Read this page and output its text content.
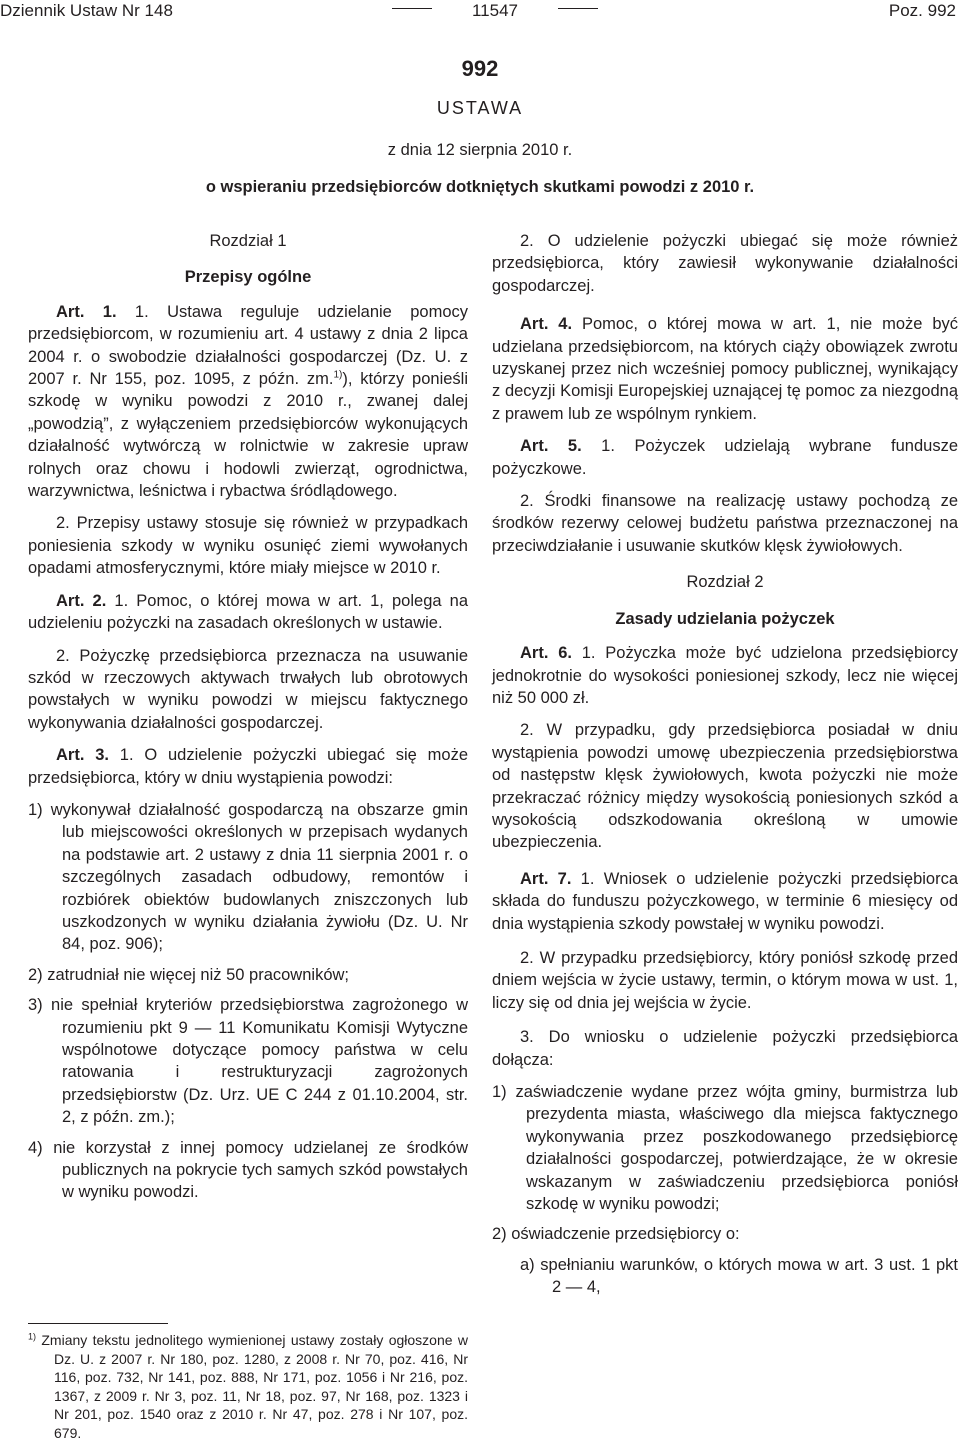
Dziennik Ustaw Nr 148	11547	Poz. 992
992
USTAWA
z dnia 12 sierpnia 2010 r.
o wspieraniu przedsiębiorców dotkniętych skutkami powodzi z 2010 r.

Rozdział 1

Przepisy ogólne

Art. 1. 1. Ustawa reguluje udzielanie pomocy przedsiębiorcom, w rozumieniu art. 4 ustawy z dnia 2 lipca 2004 r. o swobodzie działalności gospodarczej (Dz. U. z 2007 r. Nr 155, poz. 1095, z późn. zm.$^{1)}$), którzy ponieśli szkodę w wyniku powodzi z 2010 r., zwanej dalej „powodzią”, z wyłączeniem przedsiębiorców wykonujących działalność wytwórczą w rolnictwie w zakresie upraw rolnych oraz chowu i hodowli zwierząt, ogrodnictwa, warzywnictwa, leśnictwa i rybactwa śródlądowego.

2. Przepisy ustawy stosuje się również w przypadkach poniesienia szkody w wyniku osunięć ziemi wywołanych opadami atmosferycznymi, które miały miejsce w 2010 r.

Art. 2. 1. Pomoc, o której mowa w art. 1, polega na udzieleniu pożyczki na zasadach określonych w ustawie.

2. Pożyczkę przedsiębiorca przeznacza na usuwanie szkód w rzeczowych aktywach trwałych lub obrotowych powstałych w wyniku powodzi w miejscu faktycznego wykonywania działalności gospodarczej.

Art. 3. 1. O udzielenie pożyczki ubiegać się może przedsiębiorca, który w dniu wystąpienia powodzi:

1) wykonywał działalność gospodarczą na obszarze gmin lub miejscowości określonych w przepisach wydanych na podstawie art. 2 ustawy z dnia 11 sierpnia 2001 r. o szczególnych zasadach odbudowy, remontów i rozbiórek obiektów budowlanych zniszczonych lub uszkodzonych w wyniku działania żywiołu (Dz. U. Nr 84, poz. 906);

2) zatrudniał nie więcej niż 50 pracowników;

3) nie spełniał kryteriów przedsiębiorstwa zagrożonego w rozumieniu pkt 9 — 11 Komunikatu Komisji Wytyczne wspólnotowe dotyczące pomocy państwa w celu ratowania i restrukturyzacji zagrożonych przedsiębiorstw (Dz. Urz. UE C 244 z 01.10.2004, str. 2, z późn. zm.);

4) nie korzystał z innej pomocy udzielanej ze środków publicznych na pokrycie tych samych szkód powstałych w wyniku powodzi.

$^{1)}$ Zmiany tekstu jednolitego wymienionej ustawy zostały ogłoszone w Dz. U. z 2007 r. Nr 180, poz. 1280, z 2008 r. Nr 70, poz. 416, Nr 116, poz. 732, Nr 141, poz. 888, Nr 171, poz. 1056 i Nr 216, poz. 1367, z 2009 r. Nr 3, poz. 11, Nr 18, poz. 97, Nr 168, poz. 1323 i Nr 201, poz. 1540 oraz z 2010 r. Nr 47, poz. 278 i Nr 107, poz. 679.

2. O udzielenie pożyczki ubiegać się może również przedsiębiorca, który zawiesił wykonywanie działalności gospodarczej.

Art. 4. Pomoc, o której mowa w art. 1, nie może być udzielana przedsiębiorcom, na których ciąży obowiązek zwrotu uzyskanej przez nich wcześniej pomocy publicznej, wynikający z decyzji Komisji Europejskiej uznającej tę pomoc za niezgodną z prawem lub ze wspólnym rynkiem.

Art. 5. 1. Pożyczek udzielają wybrane fundusze pożyczkowe.

2. Środki finansowe na realizację ustawy pochodzą ze środków rezerwy celowej budżetu państwa przeznaczonej na przeciwdziałanie i usuwanie skutków klęsk żywiołowych.

Rozdział 2

Zasady udzielania pożyczek

Art. 6. 1. Pożyczka może być udzielona przedsiębiorcy jednokrotnie do wysokości poniesionej szkody, lecz nie więcej niż 50 000 zł.

2. W przypadku, gdy przedsiębiorca posiadał w dniu wystąpienia powodzi umowę ubezpieczenia przedsiębiorstwa od następstw klęsk żywiołowych, kwota pożyczki nie może przekraczać różnicy między wysokością poniesionych szkód a wysokością odszkodowania określoną w umowie ubezpieczenia.

Art. 7. 1. Wniosek o udzielenie pożyczki przedsiębiorca składa do funduszu pożyczkowego, w terminie 6 miesięcy od dnia wystąpienia szkody powstałej w wyniku powodzi.

2. W przypadku przedsiębiorcy, który poniósł szkodę przed dniem wejścia w życie ustawy, termin, o którym mowa w ust. 1, liczy się od dnia jej wejścia w życie.

3. Do wniosku o udzielenie pożyczki przedsiębiorca dołącza:

1) zaświadczenie wydane przez wójta gminy, burmistrza lub prezydenta miasta, właściwego dla miejsca faktycznego wykonywania przez poszkodowanego przedsiębiorcę działalności gospodarczej, potwierdzające, że w okresie wskazanym w zaświadczeniu przedsiębiorca poniósł szkodę w wyniku powodzi;

2) oświadczenie przedsiębiorcy o:

a) spełnianiu warunków, o których mowa w art. 3 ust. 1 pkt 2 — 4,
